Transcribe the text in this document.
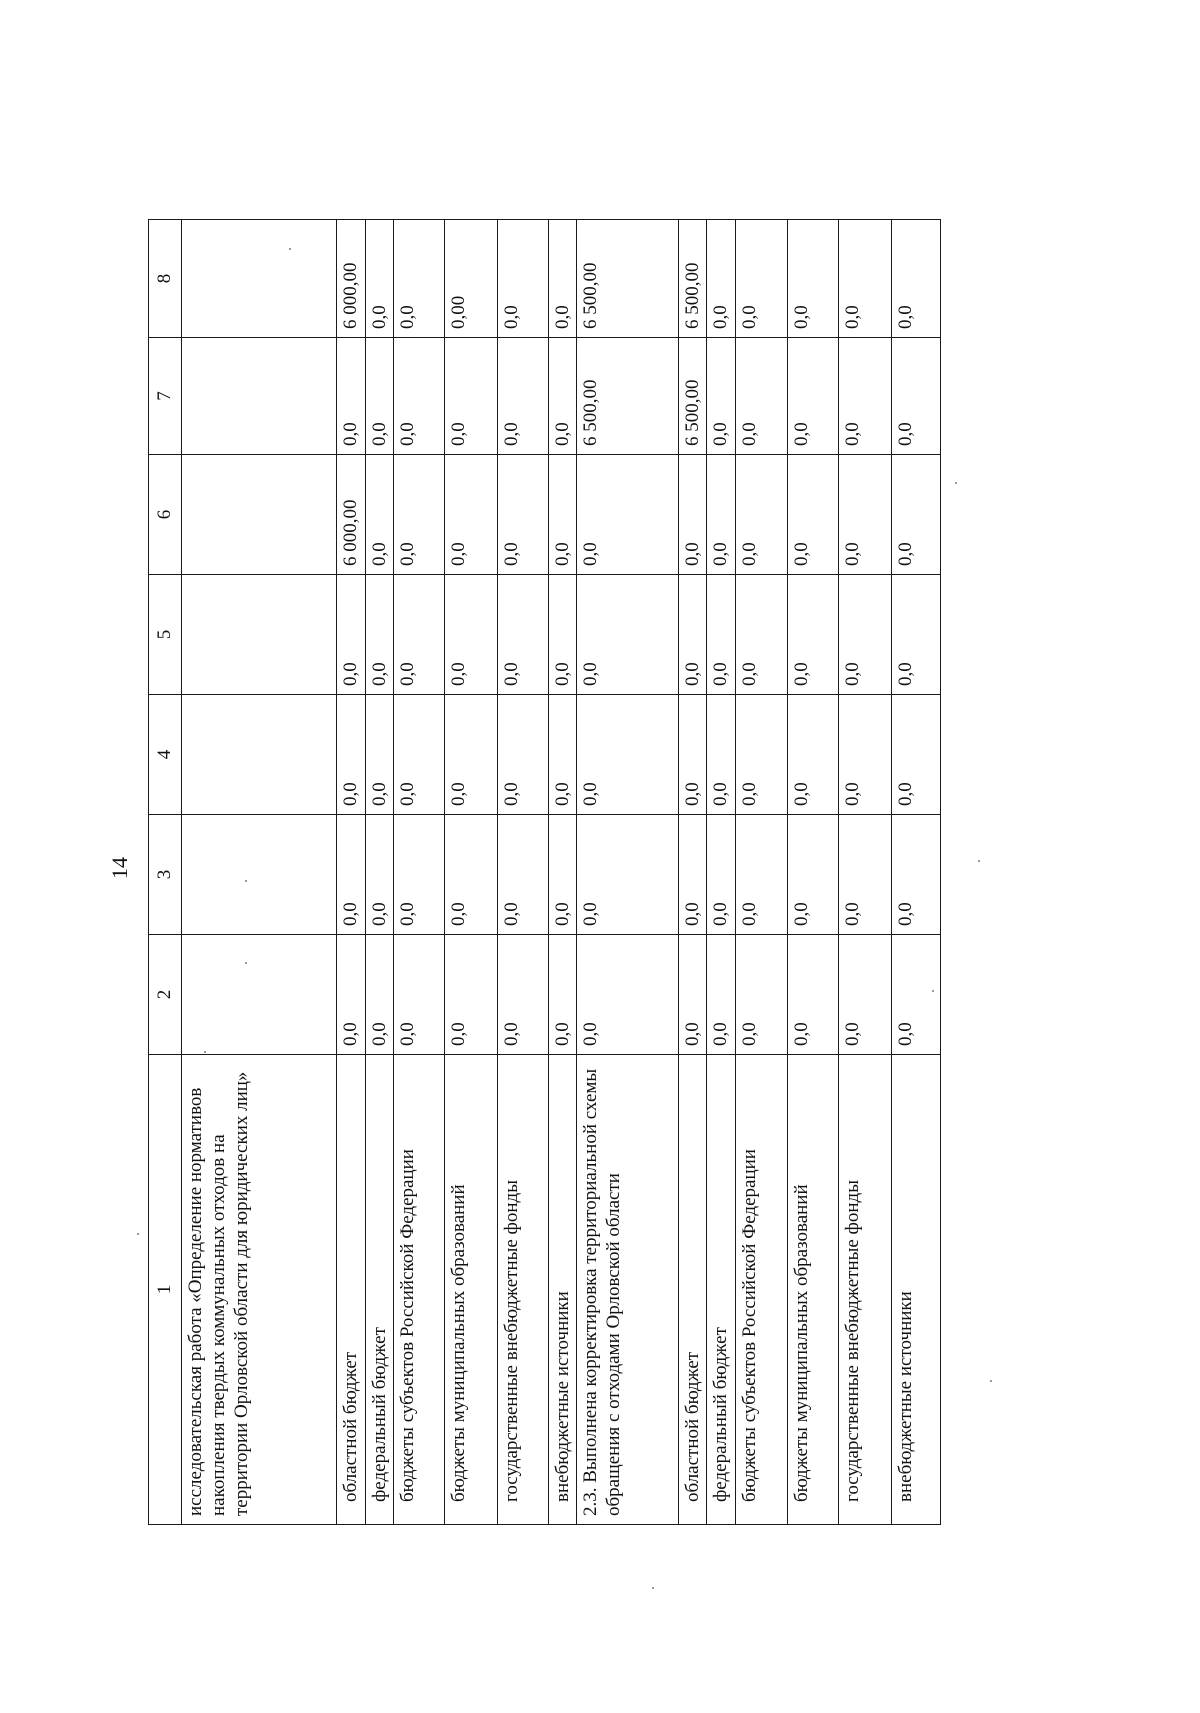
14
1	2	3	4	5	6	7	8
исследовательская работа «Определение нормативов накопления твердых коммунальных отходов на территории Орловской области для юридических лиц»							
областной бюджет	0,0	0,0	0,0	0,0	6 000,00	0,0	6 000,00
федеральный бюджет	0,0	0,0	0,0	0,0	0,0	0,0	0,0
бюджеты субъектов Российской Федерации	0,0	0,0	0,0	0,0	0,0	0,0	0,0
бюджеты муниципальных образований	0,0	0,0	0,0	0,0	0,0	0,0	0,00
государственные внебюджетные фонды	0,0	0,0	0,0	0,0	0,0	0,0	0,0
внебюджетные источники	0,0	0,0	0,0	0,0	0,0	0,0	0,0
2.3. Выполнена корректировка территориальной схемы обращения с отходами Орловской области	0,0	0,0	0,0	0,0	0,0	6 500,00	6 500,00
областной бюджет	0,0	0,0	0,0	0,0	0,0	6 500,00	6 500,00
федеральный бюджет	0,0	0,0	0,0	0,0	0,0	0,0	0,0
бюджеты субъектов Российской Федерации	0,0	0,0	0,0	0,0	0,0	0,0	0,0
бюджеты муниципальных образований	0,0	0,0	0,0	0,0	0,0	0,0	0,0
государственные внебюджетные фонды	0,0	0,0	0,0	0,0	0,0	0,0	0,0
внебюджетные источники	0,0	0,0	0,0	0,0	0,0	0,0	0,0
